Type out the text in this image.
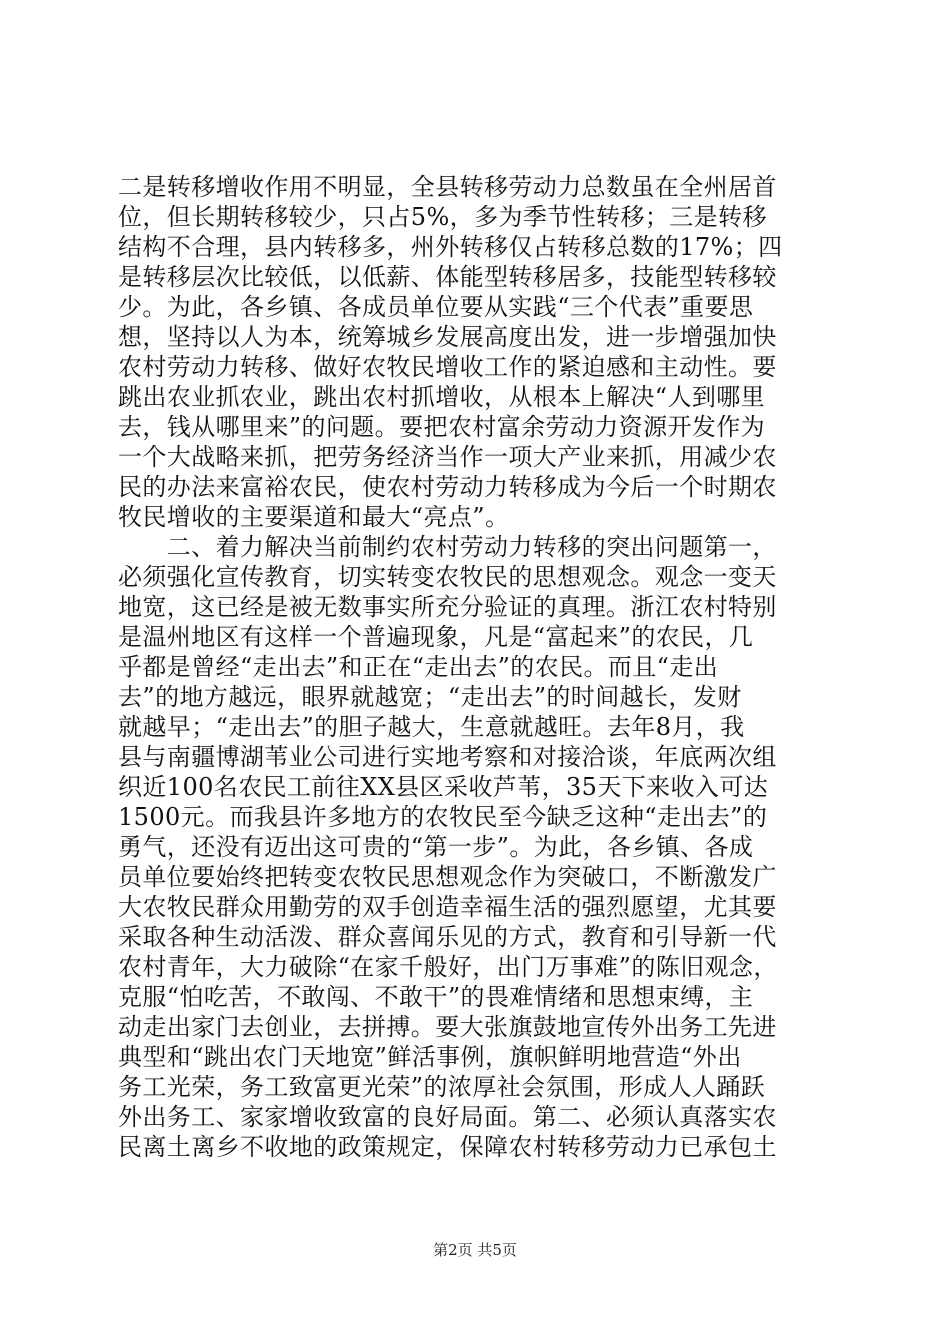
二是转移增收作用不明显，全县转移劳动力总数虽在全州居首
位，但长期转移较少，只占5%，多为季节性转移；三是转移
结构不合理，县内转移多，州外转移仅占转移总数的17%；四
是转移层次比较低，以低薪、体能型转移居多，技能型转移较
少。为此，各乡镇、各成员单位要从实践“三个代表”重要思
想，坚持以人为本，统筹城乡发展高度出发，进一步增强加快
农村劳动力转移、做好农牧民增收工作的紧迫感和主动性。要
跳出农业抓农业，跳出农村抓增收，从根本上解决“人到哪里
去，钱从哪里来”的问题。要把农村富余劳动力资源开发作为
一个大战略来抓，把劳务经济当作一项大产业来抓，用减少农
民的办法来富裕农民，使农村劳动力转移成为今后一个时期农
牧民增收的主要渠道和最大“亮点”。
　　二、着力解决当前制约农村劳动力转移的突出问题第一，
必须强化宣传教育，切实转变农牧民的思想观念。观念一变天
地宽，这已经是被无数事实所充分验证的真理。浙江农村特别
是温州地区有这样一个普遍现象，凡是“富起来”的农民，几
乎都是曾经“走出去”和正在“走出去”的农民。而且“走出
去”的地方越远，眼界就越宽；“走出去”的时间越长，发财
就越早；“走出去”的胆子越大，生意就越旺。去年8月，我
县与南疆博湖苇业公司进行实地考察和对接洽谈，年底两次组
织近100名农民工前往XX县区采收芦苇，35天下来收入可达
1500元。而我县许多地方的农牧民至今缺乏这种“走出去”的
勇气，还没有迈出这可贵的“第一步”。为此，各乡镇、各成
员单位要始终把转变农牧民思想观念作为突破口，不断激发广
大农牧民群众用勤劳的双手创造幸福生活的强烈愿望，尤其要
采取各种生动活泼、群众喜闻乐见的方式，教育和引导新一代
农村青年，大力破除“在家千般好，出门万事难”的陈旧观念，
克服“怕吃苦，不敢闯、不敢干”的畏难情绪和思想束缚，主
动走出家门去创业，去拼搏。要大张旗鼓地宣传外出务工先进
典型和“跳出农门天地宽”鲜活事例，旗帜鲜明地营造“外出
务工光荣，务工致富更光荣”的浓厚社会氛围，形成人人踊跃
外出务工、家家增收致富的良好局面。第二、必须认真落实农
民离土离乡不收地的政策规定，保障农村转移劳动力已承包土
第2页 共5页
